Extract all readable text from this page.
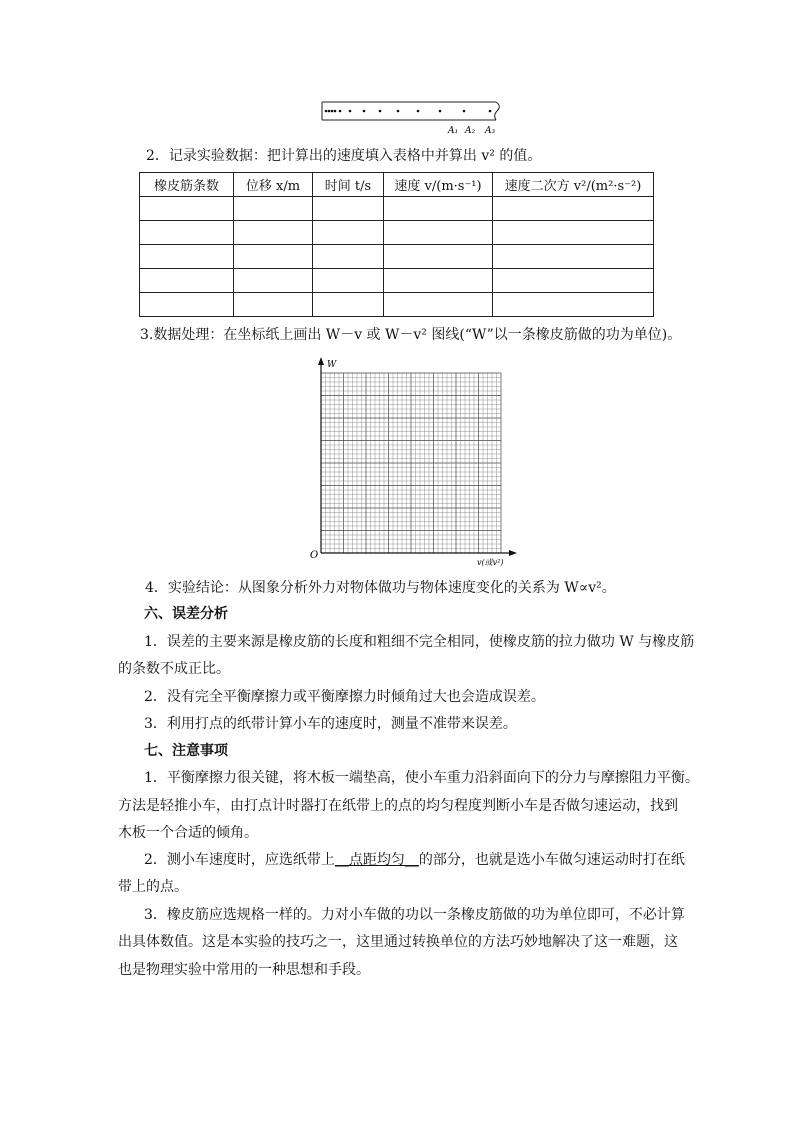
A₁ A₂ A₃
2．记录实验数据：把计算出的速度填入表格中并算出 v² 的值。
橡皮筋条数	位移 x/m	时间 t/s	速度 v/(m·s⁻¹)	速度二次方 v²/(m²·s⁻²)

3.数据处理：在坐标纸上画出 W－v 或 W－v² 图线(“W”以一条橡皮筋做的功为单位)。
W
O
v(或v²)
4．实验结论：从图象分析外力对物体做功与物体速度变化的关系为 W∝v²。
六、误差分析
1．误差的主要来源是橡皮筋的长度和粗细不完全相同，使橡皮筋的拉力做功 W 与橡皮筋
的条数不成正比。
2．没有完全平衡摩擦力或平衡摩擦力时倾角过大也会造成误差。
3．利用打点的纸带计算小车的速度时，测量不准带来误差。
七、注意事项
1．平衡摩擦力很关键，将木板一端垫高，使小车重力沿斜面向下的分力与摩擦阻力平衡。
方法是轻推小车，由打点计时器打在纸带上的点的均匀程度判断小车是否做匀速运动，找到
木板一个合适的倾角。
2．测小车速度时，应选纸带上__点距均匀__的部分，也就是选小车做匀速运动时打在纸
带上的点。
3．橡皮筋应选规格一样的。力对小车做的功以一条橡皮筋做的功为单位即可，不必计算
出具体数值。这是本实验的技巧之一，这里通过转换单位的方法巧妙地解决了这一难题，这
也是物理实验中常用的一种思想和手段。
